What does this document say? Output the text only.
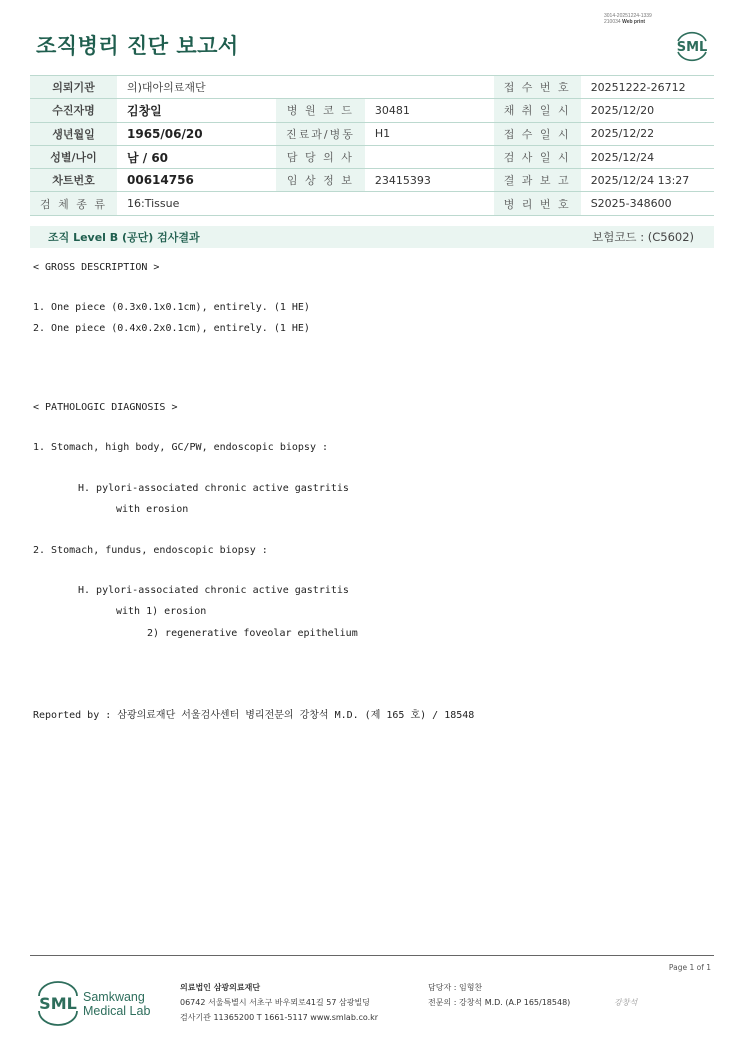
3014-20251224-1339
210034 Web print
조직병리 진단 보고서	SML
의뢰기관	의)대아의료재단			접 수 번 호	20251222-26712
수진자명	김창일	병 원 코 드	30481	채 취 일 시	2025/12/20
생년월일	1965/06/20	진료과/병동	H1	접 수 일 시	2025/12/22
성별/나이	남 / 60	담 당 의 사		검 사 일 시	2025/12/24
차트번호	00614756	임 상 정 보	23415393	결 과 보 고	2025/12/24 13:27
검 체 종 류	16:Tissue			병 리 번 호	S2025-348600
조직 Level B (공단) 검사결과	보험코드 : (C5602)
< GROSS DESCRIPTION >
1. One piece (0.3x0.1x0.1cm), entirely. (1 HE)
2. One piece (0.4x0.2x0.1cm), entirely. (1 HE)
< PATHOLOGIC DIAGNOSIS >
1. Stomach, high body, GC/PW, endoscopic biopsy :
H. pylori-associated chronic active gastritis
with erosion
2. Stomach, fundus, endoscopic biopsy :
H. pylori-associated chronic active gastritis
with 1) erosion
2) regenerative foveolar epithelium
Reported by : 삼광의료재단 서울검사센터 병리전문의 강창석 M.D. (제 165 호) / 18548
Page 1 of 1
SML Samkwang
Medical Lab
의료법인 삼광의료재단
06742 서울특별시 서초구 바우뫼로41길 57 삼광빌딩
검사기관 11365200 T 1661-5117 www.smlab.co.kr
담당자 : 임형찬
전문의 : 강창석 M.D. (A.P 165/18548)	강창석
